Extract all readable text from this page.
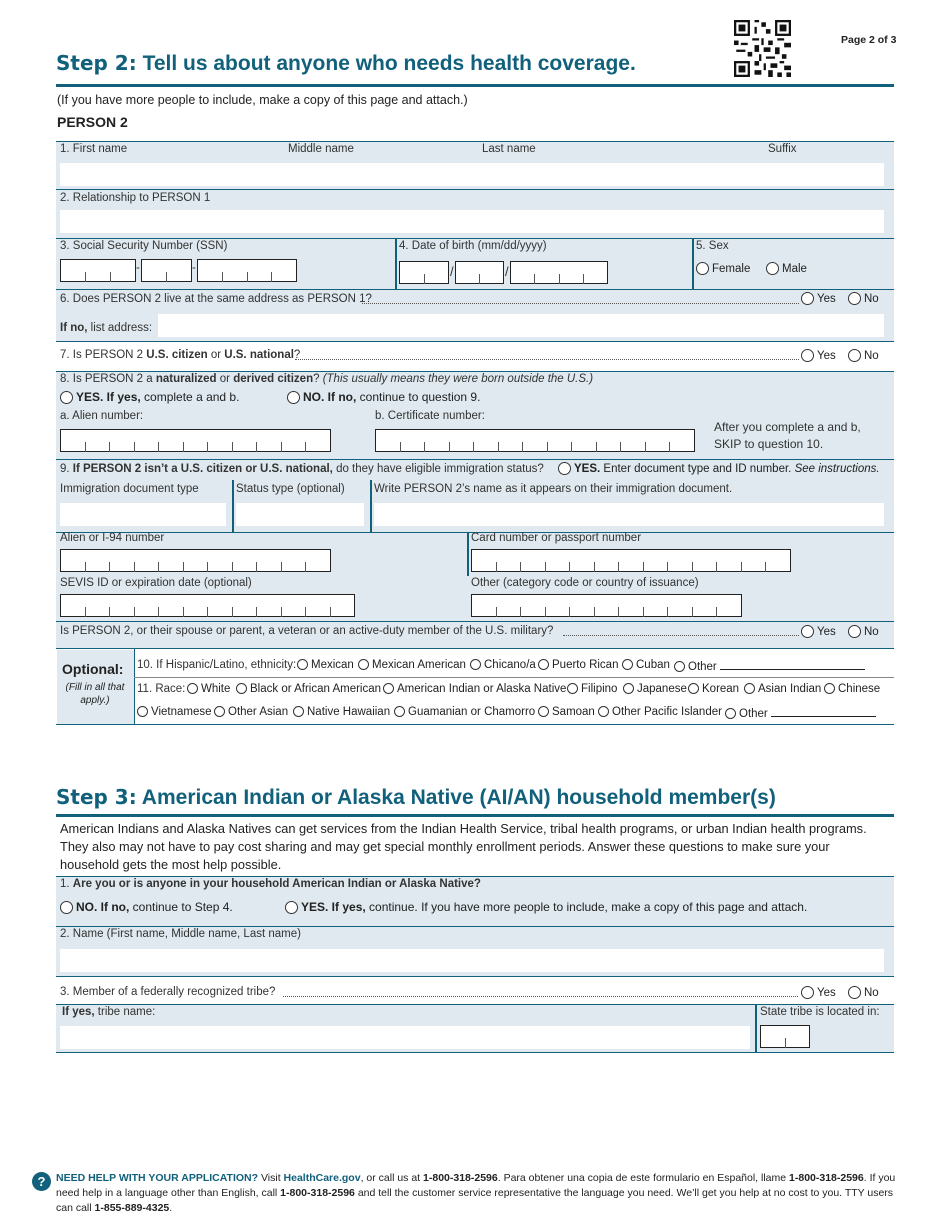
Page 2 of 3
Step 2: Tell us about anyone who needs health coverage.
(If you have more people to include, make a copy of this page and attach.)
PERSON 2
1. First name	Middle name	Last name	Suffix
2. Relationship to PERSON 1
3. Social Security Number (SSN)
-	-
4. Date of birth (mm/dd/yyyy)
/	/
5. Sex
Female	Male
6. Does PERSON 2 live at the same address as PERSON 1?	Yes	No
If no, list address:
7. Is PERSON 2 U.S. citizen or U.S. national?	Yes	No
8. Is PERSON 2 a naturalized or derived citizen? (This usually means they were born outside the U.S.)
YES. If yes, complete a and b.	NO. If no, continue to question 9.
a. Alien number:	b. Certificate number:
After you complete a and b,
SKIP to question 10.
9. If PERSON 2 isn’t a U.S. citizen or U.S. national, do they have eligible immigration status?	YES. Enter document type and ID number. See instructions.
Immigration document type	Status type (optional)	Write PERSON 2’s name as it appears on their immigration document.
Alien or I-94 number	Card number or passport number
SEVIS ID or expiration date (optional)	Other (category code or country of issuance)
Is PERSON 2, or their spouse or parent, a veteran or an active-duty member of the U.S. military?	Yes	No
Optional:
(Fill in all that apply.)
10. If Hispanic/Latino, ethnicity:	Mexican	Mexican American	Chicano/a	Puerto Rican	Cuban	Other
11. Race:	White	Black or African American	American Indian or Alaska Native	Filipino	Japanese	Korean	Asian Indian	Chinese
Vietnamese	Other Asian	Native Hawaiian	Guamanian or Chamorro	Samoan	Other Pacific Islander	Other
Step 3: American Indian or Alaska Native (AI/AN) household member(s)
American Indians and Alaska Natives can get services from the Indian Health Service, tribal health programs, or urban Indian health programs. They also may not have to pay cost sharing and may get special monthly enrollment periods. Answer these questions to make sure your household gets the most help possible.
1. Are you or is anyone in your household American Indian or Alaska Native?
NO. If no, continue to Step 4.	YES. If yes, continue. If you have more people to include, make a copy of this page and attach.
2. Name (First name, Middle name, Last name)
3. Member of a federally recognized tribe?	Yes	No
If yes, tribe name:	State tribe is located in:
?	NEED HELP WITH YOUR APPLICATION? Visit HealthCare.gov, or call us at 1-800-318-2596. Para obtener una copia de este formulario en Español, llame 1-800-318-2596. If you need help in a language other than English, call 1-800-318-2596 and tell the customer service representative the language you need. We’ll get you help at no cost to you. TTY users can call 1-855-889-4325.
